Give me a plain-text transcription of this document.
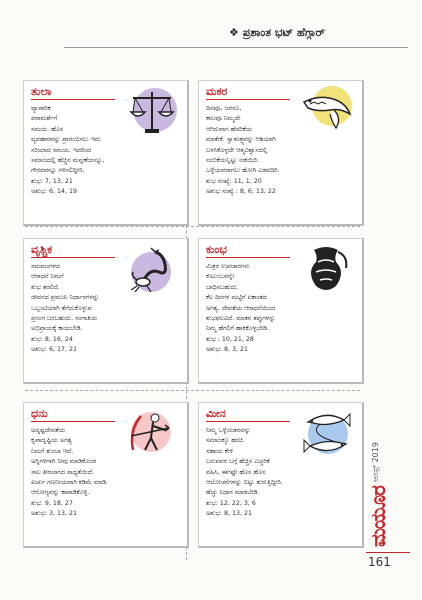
❖ ಪ್ರಶಾಂತ ಭಟ್ ಹೆಗ್ಗಾರ್
ತುಲಾ

ವ್ಯಾಪಾರಿಕ

ಪರಾಮರ್ಶೆಗೆ

ಸಮಯ. ಹೊಸ

ವ್ಯವಹಾರವನ್ನು ಪ್ರಾರಂಭಿಸಲು ಇದು

ಸರಿಯಾದ ಸಮಯ. ಇದರಿಂದ

ಸಮಾಜದಲ್ಲಿ ಹೆಚ್ಚಿನ ಮನ್ನಣೆಯನ್ನೂ,

ಗೌರವವನ್ನೂ ಗಳಿಸಲಿದ್ದೀರಿ.

ಶುಭ: 7, 13, 21

ಅಶುಭ: 6, 14, 19

ಮಕರ

ದಿನವೂ, ಜನರೂ,

ಕಾಲವೂ ನಿಮ್ಮದೇ

ಆಗಿರುವಾಗ ಹೆದರಿಕೆಯ

ಮಾತೇಕೆ. ಸ್ವಾತಂತ್ರ್ಯವನ್ನು ಆಶಿಯಾಗಿ

ಬಳಸಿಕೊಳ್ಳದೇ ಆತ್ಮವಿಶ್ವಾಸದಲ್ಲಿ

ನಂಬಿಕೆಯನ್ನಿಟ್ಟು ನಡೆಯಿರಿ.

ಒಳ್ಳೆಯವರಾಗಲು ಹೋಗಿ ಎಡವದಿರಿ.

ಶುಭ ಸಂಖ್ಯೆ: 11, 1, 20

ಅಶುಭ ಸಂಖ್ಯೆ : 8, 6, 13, 22

ವೃಶ್ಚಿಕ

ಸಮಮಂಗಳದ

ಆರಾಧನೆ ನಿಮಗೆ

ಶುಭ ತರಲಿದೆ.

ಜೀವನದ ಪ್ರಮುಖ ನಿರ್ಧಾರಗಳನ್ನು

ಒಬ್ಬಂಟಿಯಾಗಿ ತೆಗೆದುಕೊಳ್ಳುವ

ಪ್ರಸಂಗ ಬರಬಹುದು. ಸಂಗಾತಿಯ

ಅಭಿಪ್ರಾಯಕ್ಕೆ ಕಾಯಬೇಡಿ.

ಶುಭ: 8, 16, 24

ಅಶುಭ: 6, 17, 21

ಕುಂಭ

ಮಿತ್ರರ ಉಪಚಾರಗಳು

ಕುಟುಂಬವನ್ನೇ

ಬಾಧಿಸಬಹುದು.

ಕೆಲ ದಿನಗಳ ಮಟ್ಟಿಗೆ ಏಕಾಂತದ

ಅಗತ್ಯ. ದೇವತೆಯ ಆರಾಧನೆಯಿಂದ

ಶುಭಫಲವಿದೆ. ಮಾತನ ತಪ್ಪುಗಳನ್ನು

ನಿಮ್ಮ ಹೆಗಲಿಗೆ ಹಾಕಿಕೊಳ್ಳಬೇಡಿ.

ಶುಭ : 10, 21, 28

ಅಶುಭ: 8, 3, 21

ಧನು

ಅದೃಷ್ಟದೇವತೆಯ

ಕೃಪಾದೃಷ್ಟಿಯ ಅಗತ್ಯ

ನಿಮಗೆ ತುಂಬಾ ಇದೆ.

ಅಗ್ನಿಗಳಿಗಾಗಿ ನೀವು ಮಾಡಿಕೊಂಡ

ಸಾಲ ತೀರಲಾಗದ ಸಾಧ್ಯತೆಯಿದೆ.

ಖರ್ಚು ಗಣನೀಯವಾಗಿ ಕಡಿಮೆ ಮಾಡಿ.

ಆರೋಗ್ಯವನ್ನು ಕಾಪಾಡಿಕೊಳ್ಳಿ.

ಶುಭ: 9, 18, 27

ಅಶುಭ: 3, 13, 21

ಮೀನ

ನಿಮ್ಮ ಒಳ್ಳೆಯತನವನ್ನು

ಸಮಾಜಕ್ಕೂ ಹಂಚಿ.

ಸಹಾಯ ಕೇಳಿ

ಬರುವವರ ಬಗ್ಗೆ ಹೆಚ್ಚಿನ ಎಚ್ಚರಿಕೆ

ವಹಿಸಿ. ಈಗಷ್ಟೇ ಹೊಸ ಹೊಸ

ಆಲೋಚನೆಗಳನ್ನು ಬಿಟ್ಟು ತುರುತ್ತಿದ್ದೀರಿ.

ಹೆಚ್ಚು ನಿಧಾನ ಮಾಡಬೇಡಿ.

ಶುಭ: 12, 22, 3, 6

ಅಶುಭ: 8, 13, 21

ಆಗಸ್ಟ್ 2019
ಮಯೂರ
161
